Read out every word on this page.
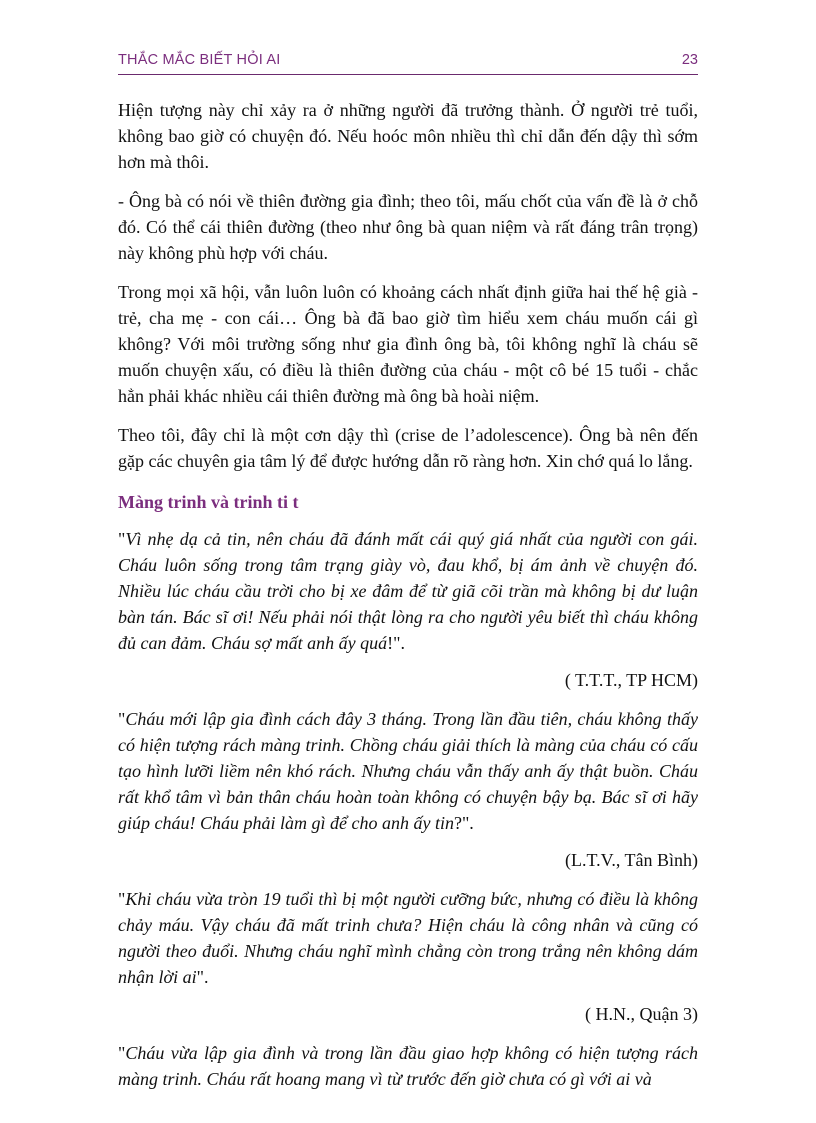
THẮC MẮC BIẾT HỎI AI	23

Hiện tượng này chỉ xảy ra ở những người đã trưởng thành. Ở người trẻ tuổi, không bao giờ có chuyện đó. Nếu hoóc môn nhiều thì chỉ dẫn đến dậy thì sớm hơn mà thôi.

- Ông bà có nói về thiên đường gia đình; theo tôi, mấu chốt của vấn đề là ở chỗ đó. Có thể cái thiên đường (theo như ông bà quan niệm và rất đáng trân trọng) này không phù hợp với cháu.

Trong mọi xã hội, vẫn luôn luôn có khoảng cách nhất định giữa hai thế hệ già - trẻ, cha mẹ - con cái… Ông bà đã bao giờ tìm hiểu xem cháu muốn cái gì không? Với môi trường sống như gia đình ông bà, tôi không nghĩ là cháu sẽ muốn chuyện xấu, có điều là thiên đường của cháu - một cô bé 15 tuổi - chắc hẳn phải khác nhiều cái thiên đường mà ông bà hoài niệm.

Theo tôi, đây chỉ là một cơn dậy thì (crise de l’adolescence). Ông bà nên đến gặp các chuyên gia tâm lý để được hướng dẫn rõ ràng hơn. Xin chớ quá lo lắng.

Màng trinh và trinh ti t

"Vì nhẹ dạ cả tin, nên cháu đã đánh mất cái quý giá nhất của người con gái. Cháu luôn sống trong tâm trạng giày vò, đau khổ, bị ám ảnh về chuyện đó. Nhiều lúc cháu cầu trời cho bị xe đâm để từ giã cõi trần mà không bị dư luận bàn tán. Bác sĩ ơi! Nếu phải nói thật lòng ra cho người yêu biết thì cháu không đủ can đảm. Cháu sợ mất anh ấy quá!".

( T.T.T., TP HCM)

"Cháu mới lập gia đình cách đây 3 tháng. Trong lần đầu tiên, cháu không thấy có hiện tượng rách màng trinh. Chồng cháu giải thích là màng của cháu có cấu tạo hình lưỡi liềm nên khó rách. Nhưng cháu vẫn thấy anh ấy thật buồn. Cháu rất khổ tâm vì bản thân cháu hoàn toàn không có chuyện bậy bạ. Bác sĩ ơi hãy giúp cháu! Cháu phải làm gì để cho anh ấy tin?".

(L.T.V., Tân Bình)

"Khi cháu vừa tròn 19 tuổi thì bị một người cưỡng bức, nhưng có điều là không chảy máu. Vậy cháu đã mất trinh chưa? Hiện cháu là công nhân và cũng có người theo đuổi. Nhưng cháu nghĩ mình chẳng còn trong trắng nên không dám nhận lời ai".

( H.N., Quận 3)

"Cháu vừa lập gia đình và trong lần đầu giao hợp không có hiện tượng rách màng trinh. Cháu rất hoang mang vì từ trước đến giờ chưa có gì với ai và
